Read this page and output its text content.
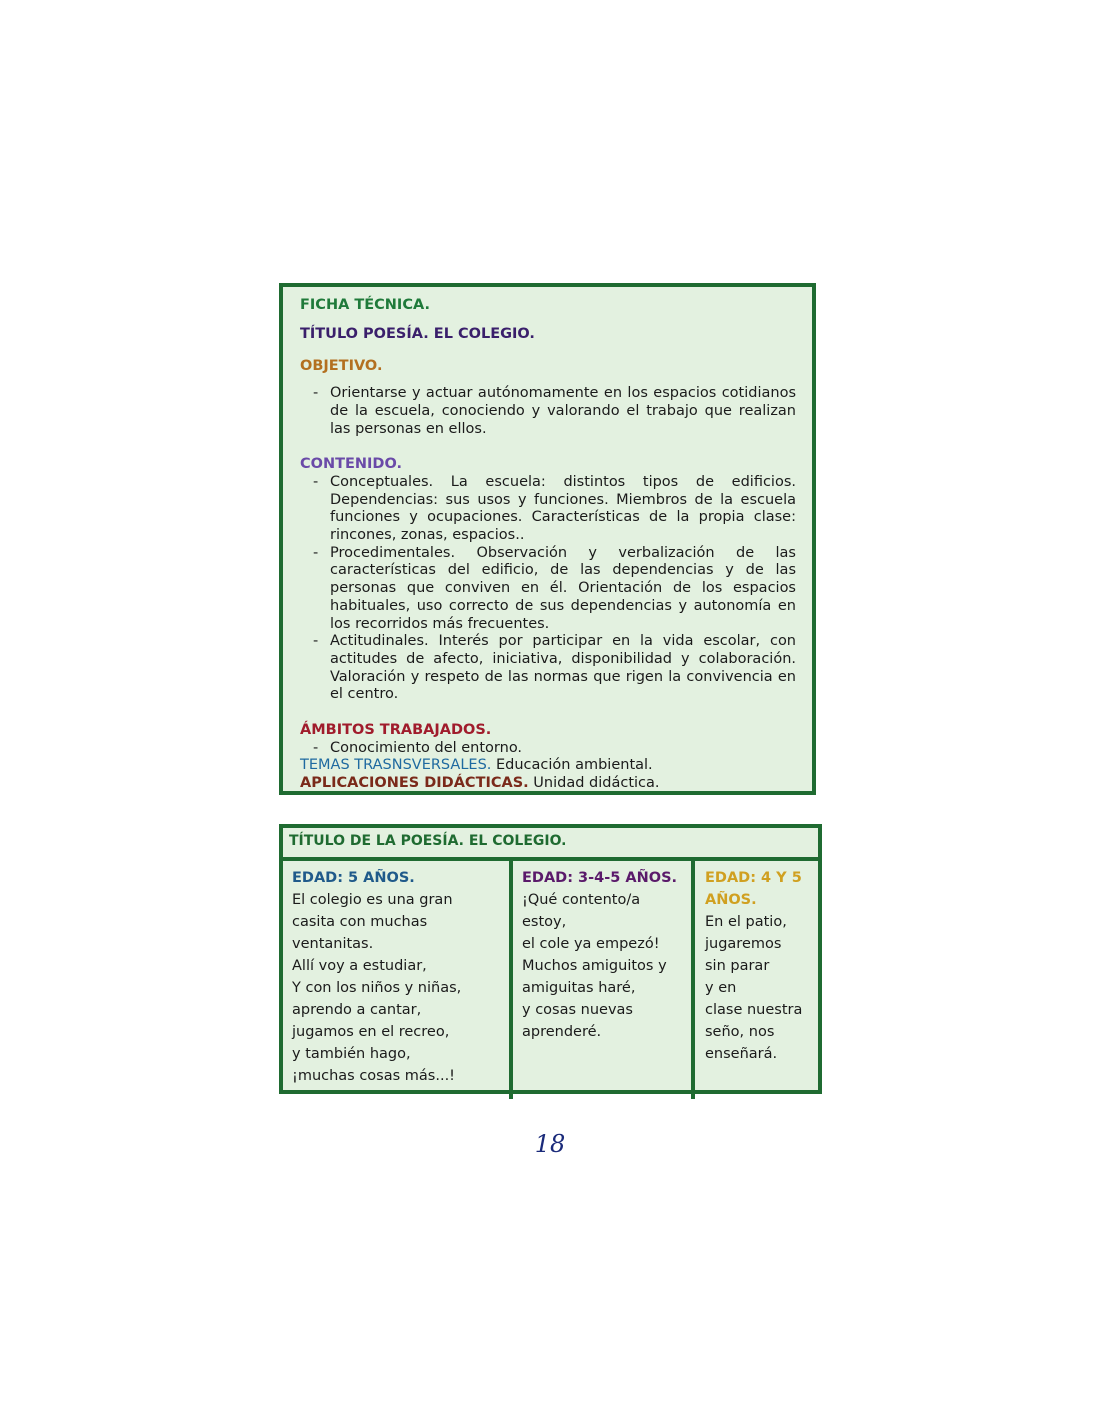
FICHA TÉCNICA.

TÍTULO POESÍA. EL COLEGIO.

OBJETIVO.

- Orientarse y actuar autónomamente en los espacios cotidianos de la escuela, conociendo y valorando el trabajo que realizan las personas en ellos.

CONTENIDO.

- Conceptuales. La escuela: distintos tipos de edificios. Dependencias: sus usos y funciones. Miembros de la escuela funciones y ocupaciones. Características de la propia clase: rincones, zonas, espacios..
- Procedimentales. Observación y verbalización de las características del edificio, de las dependencias y de las personas que conviven en él. Orientación de los espacios habituales, uso correcto de sus dependencias y autonomía en los recorridos más frecuentes.
- Actitudinales. Interés por participar en la vida escolar, con actitudes de afecto, iniciativa, disponibilidad y colaboración. Valoración y respeto de las normas que rigen la convivencia en el centro.

ÁMBITOS TRABAJADOS.

- Conocimiento del entorno.

TEMAS TRASNSVERSALES. Educación ambiental.

APLICACIONES DIDÁCTICAS. Unidad didáctica.

TÍTULO DE LA POESÍA. EL COLEGIO.
EDAD: 5 AÑOS.
El colegio es una gran
casita con muchas
ventanitas.
Allí voy a estudiar,
Y con los niños y niñas,
aprendo a cantar,
jugamos en el recreo,
y también hago,
¡muchas cosas más...!
EDAD: 3-4-5 AÑOS.
¡Qué contento/a
estoy,
el cole ya empezó!
Muchos amiguitos y
amiguitas haré,
y cosas nuevas
aprenderé.
EDAD: 4 Y 5 AÑOS.
En el patio,
jugaremos
sin parar
y en
clase nuestra
seño, nos
enseñará.
18
